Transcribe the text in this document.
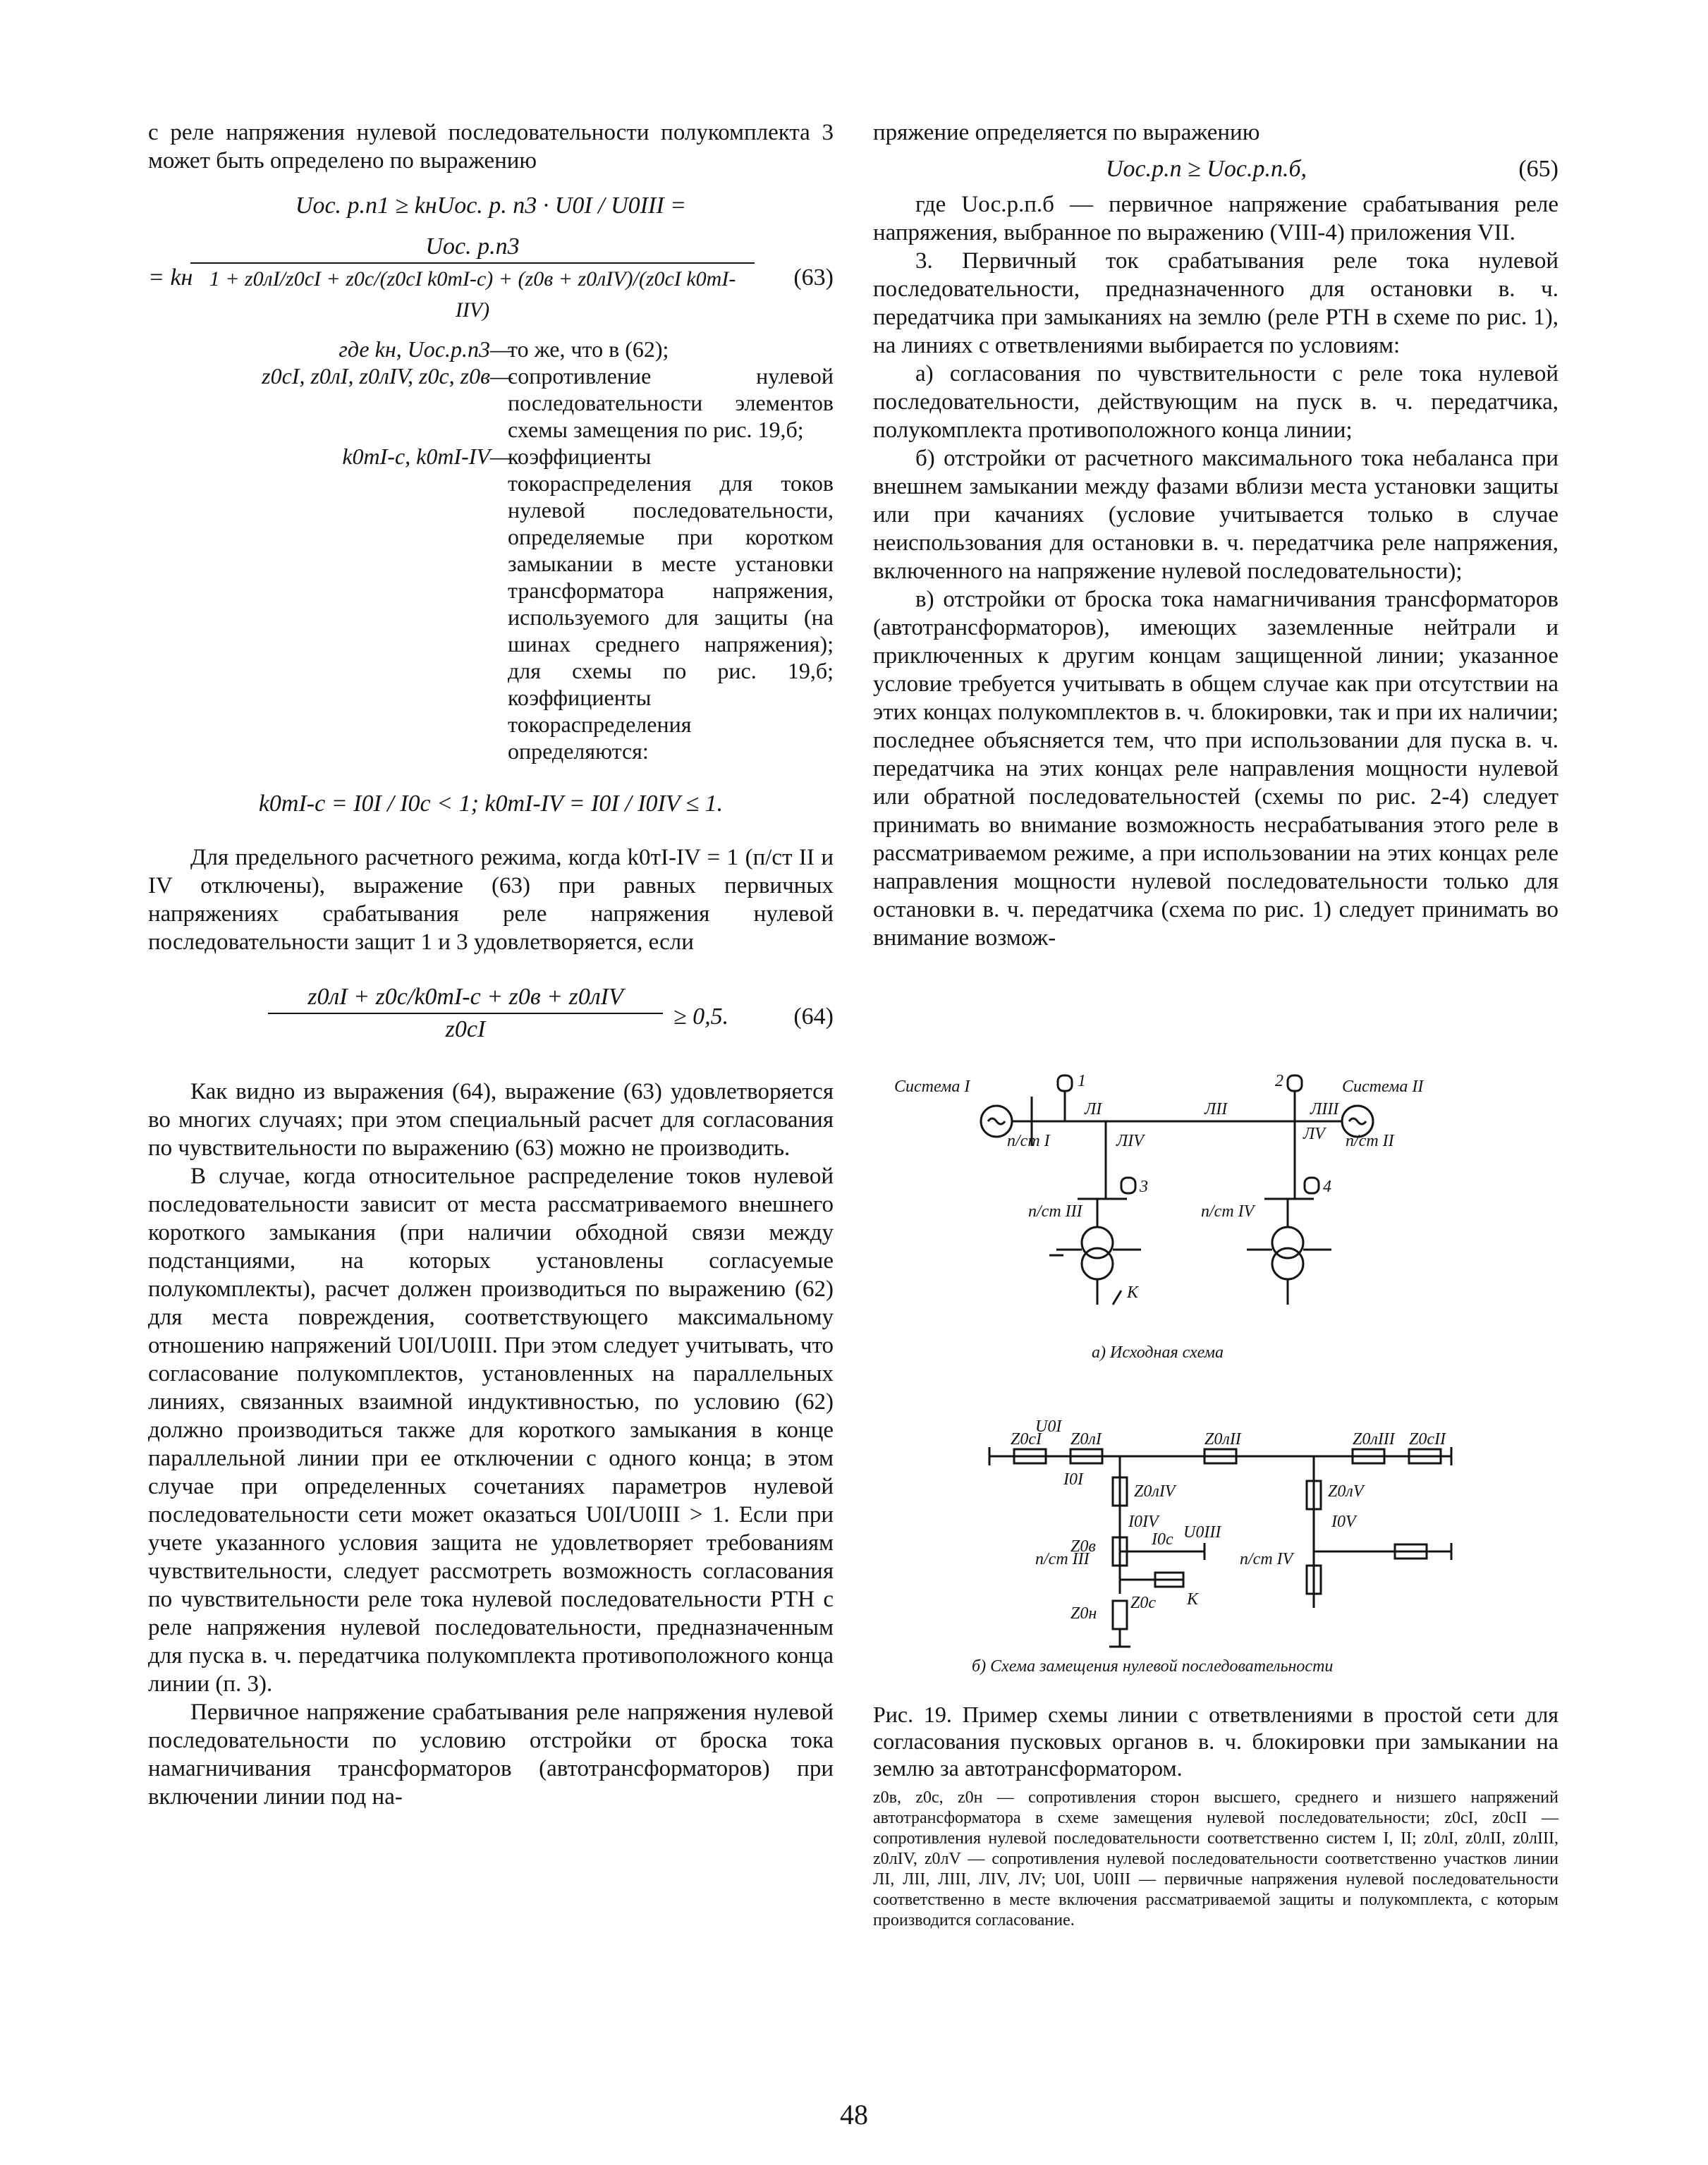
с реле напряжения нулевой последовательности полукомплекта 3 может быть определено по выражению

Uос. р.п1 ≥ kнUос. р. п3 · U0I / U0III =
= kн
Uос. р.п3
1 + z0лI/z0cI + z0c/(z0cI k0тI-c) + (z0в + z0лIV)/(z0cI k0тI-IIV)
(63)
где kн, Uос.р.п3 —
то же, что в (62);
z0cI, z0лI, z0лIV, z0c, z0в —
сопротивление нулевой последовательности элементов схемы замещения по рис. 19,б;
k0тI-c, k0тI-IV —
коэффициенты токораспределения для токов нулевой последовательности, определяемые при коротком замыкании в месте установки трансформатора напряжения, используемого для защиты (на шинах среднего напряжения); для схемы по рис. 19,б; коэффициенты токораспределения определяются:
k0тI-c = I0I / I0c < 1; k0тI-IV = I0I / I0IV ≤ 1.

Для предельного расчетного режима, когда k0тI-IV = 1 (п/ст II и IV отключены), выражение (63) при равных первичных напряжениях срабатывания реле напряжения нулевой последовательности защит 1 и 3 удовлетворяется, если

z0лI + z0c/k0тI-c + z0в + z0лIV
z0cI	≥ 0,5.	(64)

Как видно из выражения (64), выражение (63) удовлетворяется во многих случаях; при этом специальный расчет для согласования по чувствительности по выражению (63) можно не производить.

В случае, когда относительное распределение токов нулевой последовательности зависит от места рассматриваемого внешнего короткого замыкания (при наличии обходной связи между подстанциями, на которых установлены согласуемые полукомплекты), расчет должен производиться по выражению (62) для места повреждения, соответствующего максимальному отношению напряжений U0I/U0III. При этом следует учитывать, что согласование полукомплектов, установленных на параллельных линиях, связанных взаимной индуктивностью, по условию (62) должно производиться также для короткого замыкания в конце параллельной линии при ее отключении с одного конца; в этом случае при определенных сочетаниях параметров нулевой последовательности сети может оказаться U0I/U0III > 1. Если при учете указанного условия защита не удовлетворяет требованиям чувствительности, следует рассмотреть возможность согласования по чувствительности реле тока нулевой последовательности РТН с реле напряжения нулевой последовательности, предназначенным для пуска в. ч. передатчика полукомплекта противоположного конца линии (п. 3).

Первичное напряжение срабатывания реле напряжения нулевой последовательности по условию отстройки от броска тока намагничивания трансформаторов (автотрансформаторов) при включении линии под на-

пряжение определяется по выражению

Uос.р.п ≥ Uос.р.п.б,	(65)

где Uос.р.п.б — первичное напряжение срабатывания реле напряжения, выбранное по выражению (VIII-4) приложения VII.

3. Первичный ток срабатывания реле тока нулевой последовательности, предназначенного для остановки в. ч. передатчика при замыканиях на землю (реле РТН в схеме по рис. 1), на линиях с ответвлениями выбирается по условиям:

а) согласования по чувствительности с реле тока нулевой последовательности, действующим на пуск в. ч. передатчика, полукомплекта противоположного конца линии;

б) отстройки от расчетного максимального тока небаланса при внешнем замыкании между фазами вблизи места установки защиты или при качаниях (условие учитывается только в случае неиспользования для остановки в. ч. передатчика реле напряжения, включенного на напряжение нулевой последовательности);

в) отстройки от броска тока намагничивания трансформаторов (автотрансформаторов), имеющих заземленные нейтрали и приключенных к другим концам защищенной линии; указанное условие требуется учитывать в общем случае как при отсутствии на этих концах полукомплектов в. ч. блокировки, так и при их наличии; последнее объясняется тем, что при использовании для пуска в. ч. передатчика на этих концах реле направления мощности нулевой или обратной последовательностей (схемы по рис. 2-4) следует принимать во внимание возможность несрабатывания этого реле в рассматриваемом режиме, а при использовании на этих концах реле направления мощности нулевой последовательности только для остановки в. ч. передатчика (схема по рис. 1) следует принимать во внимание возмож-

Система I	Система II
1	2
3	4
ЛI	ЛII	ЛIII
ЛIV	ЛV
п/ст I	п/ст II
п/ст III	п/ст IV
K
а) Исходная схема
U0I
Z0cI Z0лI	Z0лII	Z0лIII Z0cII
I0I
Z0лIV	Z0лV
I0V
I0IV
Z0в	I0c U0III
п/ст III	п/ст IV
Z0н
Z0c K
б) Схема замещения нулевой последовательности
Рис. 19. Пример схемы линии с ответвлениями в простой сети для согласования пусковых органов в. ч. блокировки при замыкании на землю за автотрансформатором.
z0в, z0с, z0н — сопротивления сторон высшего, среднего и низшего напряжений автотрансформатора в схеме замещения нулевой последовательности; z0cI, z0cII — сопротивления нулевой последовательности соответственно систем I, II; z0лI, z0лII, z0лIII, z0лIV, z0лV — сопротивления нулевой последовательности соответственно участков линии ЛI, ЛII, ЛIII, ЛIV, ЛV; U0I, U0III — первичные напряжения нулевой последовательности соответственно в месте включения рассматриваемой защиты и полукомплекта, с которым производится согласование.
48
